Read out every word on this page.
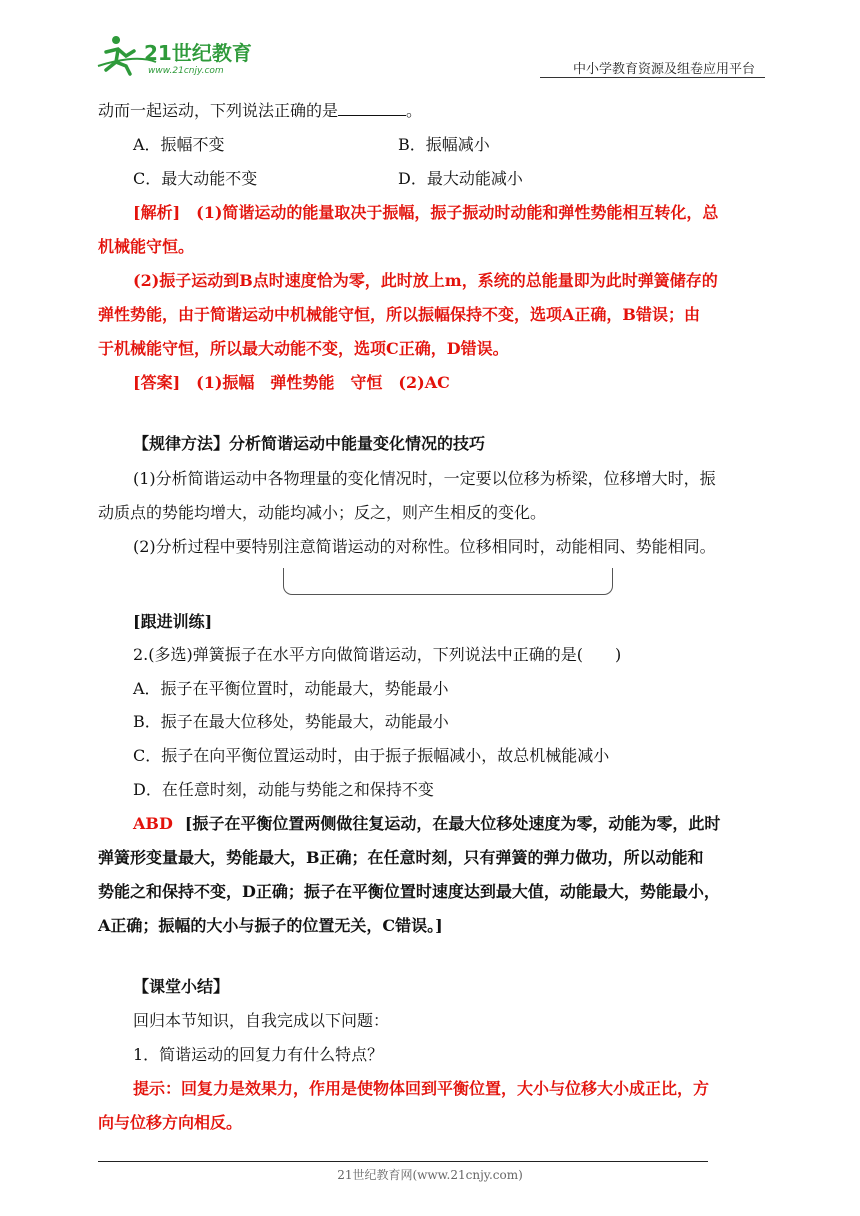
21世纪教育
www.21cnjy.com	中小学教育资源及组卷应用平台
动而一起运动，下列说法正确的是	。
A．振幅不变	B．振幅减小
C．最大动能不变	D．最大动能减小
[解析]　(1)简谐运动的能量取决于振幅，振子振动时动能和弹性势能相互转化，总
机械能守恒。
(2)振子运动到B点时速度恰为零，此时放上m，系统的总能量即为此时弹簧储存的
弹性势能，由于简谐运动中机械能守恒，所以振幅保持不变，选项A正确，B错误；由
于机械能守恒，所以最大动能不变，选项C正确，D错误。
[答案]　(1)振幅　弹性势能　守恒　(2)AC
【规律方法】分析简谐运动中能量变化情况的技巧
(1)分析简谐运动中各物理量的变化情况时，一定要以位移为桥梁，位移增大时，振
动质点的势能均增大，动能均减小；反之，则产生相反的变化。
(2)分析过程中要特别注意简谐运动的对称性。位移相同时，动能相同、势能相同。
[跟进训练]
2.(多选)弹簧振子在水平方向做简谐运动，下列说法中正确的是(　　)
A．振子在平衡位置时，动能最大，势能最小
B．振子在最大位移处，势能最大，动能最小
C．振子在向平衡位置运动时，由于振子振幅减小，故总机械能减小
D．在任意时刻，动能与势能之和保持不变
ABD [振子在平衡位置两侧做往复运动，在最大位移处速度为零，动能为零，此时
弹簧形变量最大，势能最大，B正确；在任意时刻，只有弹簧的弹力做功，所以动能和
势能之和保持不变，D正确；振子在平衡位置时速度达到最大值，动能最大，势能最小，
A正确；振幅的大小与振子的位置无关，C错误。]
【课堂小结】
回归本节知识，自我完成以下问题：
1．简谐运动的回复力有什么特点？
提示：回复力是效果力，作用是使物体回到平衡位置，大小与位移大小成正比，方
向与位移方向相反。
21世纪教育网(www.21cnjy.com)
